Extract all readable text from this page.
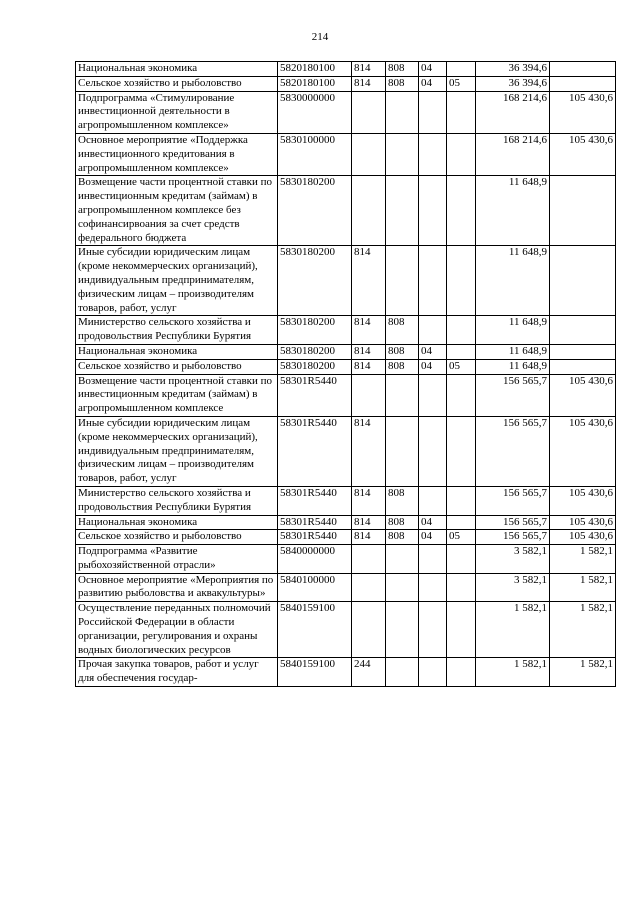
214
Национальная экономика	5820180100	814	808	04		36 394,6	
Сельское хозяйство и рыболовство	5820180100	814	808	04	05	36 394,6	
Подпрограмма «Стимулирование инвестиционной деятельности в агропромышленном комплексе»	5830000000					168 214,6	105 430,6
Основное мероприятие «Поддержка инвестиционного кредитования в агропромышленном комплексе»	5830100000					168 214,6	105 430,6
Возмещение части процентной ставки по инвестиционным кредитам (займам) в агропромышленном комплексе без софинансирвоания за счет средств федерального бюджета	5830180200					11 648,9	
Иные субсидии юридическим лицам (кроме некоммерческих организаций), индивидуальным предпринимателям, физическим лицам – производителям товаров, работ, услуг	5830180200	814				11 648,9	
Министерство сельского хозяйства и продовольствия Республики Бурятия	5830180200	814	808			11 648,9	
Национальная экономика	5830180200	814	808	04		11 648,9	
Сельское хозяйство и рыболовство	5830180200	814	808	04	05	11 648,9	
Возмещение части процентной ставки по инвестиционным кредитам (займам) в агропромышленном комплексе	58301R5440					156 565,7	105 430,6
Иные субсидии юридическим лицам (кроме некоммерческих организаций), индивидуальным предпринимателям, физическим лицам – производителям товаров, работ, услуг	58301R5440	814				156 565,7	105 430,6
Министерство сельского хозяйства и продовольствия Республики Бурятия	58301R5440	814	808			156 565,7	105 430,6
Национальная экономика	58301R5440	814	808	04		156 565,7	105 430,6
Сельское хозяйство и рыболовство	58301R5440	814	808	04	05	156 565,7	105 430,6
Подпрограмма «Развитие рыбохозяйственной отрасли»	5840000000					3 582,1	1 582,1
Основное мероприятие «Мероприятия по развитию рыболовства и аквакультуры»	5840100000					3 582,1	1 582,1
Осуществление переданных полномочий Российской Федерации в области организации, регулирования и охраны водных биологических ресурсов	5840159100					1 582,1	1 582,1
Прочая закупка товаров, работ и услуг для обеспечения государ-	5840159100	244				1 582,1	1 582,1
